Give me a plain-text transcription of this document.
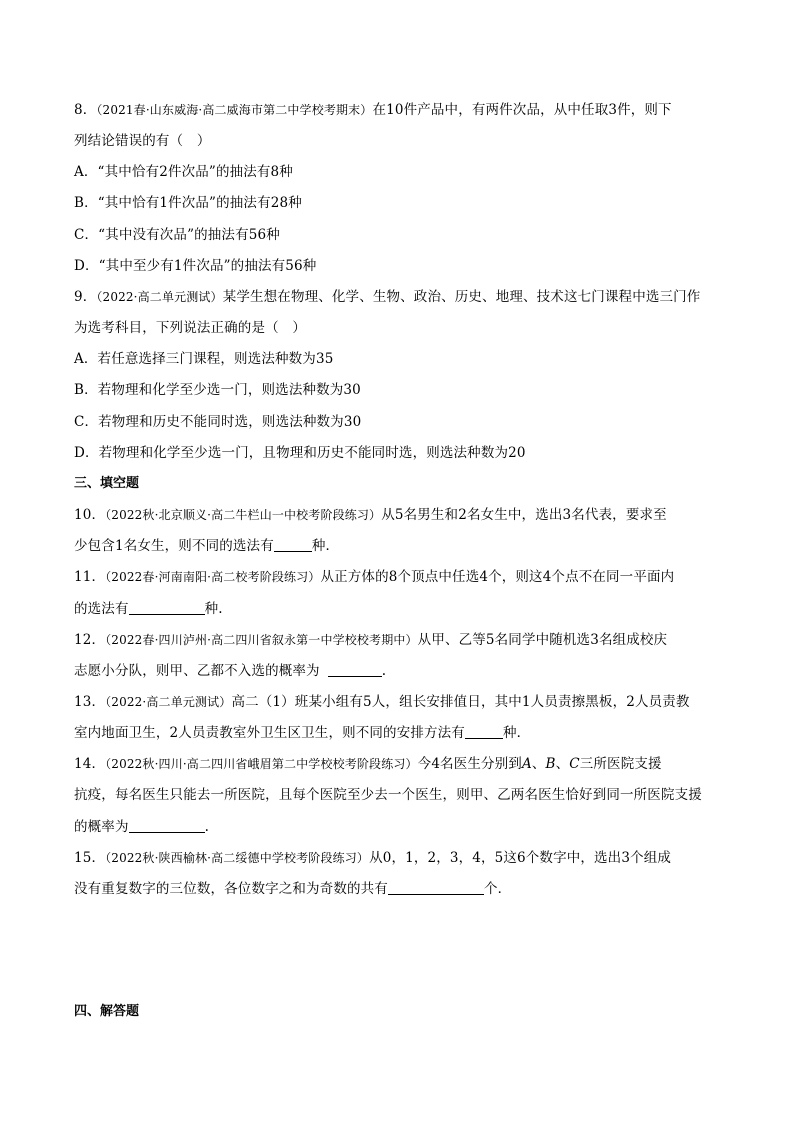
8．（2021春·山东威海·高二威海市第二中学校考期末）在10件产品中，有两件次品，从中任取3件，则下
列结论错误的有（　）
A．“其中恰有2件次品”的抽法有8种
B．“其中恰有1件次品”的抽法有28种
C．“其中没有次品”的抽法有56种
D．“其中至少有1件次品”的抽法有56种
9．（2022·高二单元测试）某学生想在物理、化学、生物、政治、历史、地理、技术这七门课程中选三门作
为选考科目，下列说法正确的是（　）
A．若任意选择三门课程，则选法种数为35
B．若物理和化学至少选一门，则选法种数为30
C．若物理和历史不能同时选，则选法种数为30
D．若物理和化学至少选一门，且物理和历史不能同时选，则选法种数为20
三、填空题
10．（2022秋·北京顺义·高二牛栏山一中校考阶段练习）从5名男生和2名女生中，选出3名代表，要求至
少包含1名女生，则不同的选法有	种．
11．（2022春·河南南阳·高二校考阶段练习）从正方体的8个顶点中任选4个，则这4个点不在同一平面内
的选法有	种.
12．（2022春·四川泸州·高二四川省叙永第一中学校校考期中）从甲、乙等5名同学中随机选3名组成校庆
志愿小分队，则甲、乙都不入选的概率为	.
13．（2022·高二单元测试）高二（1）班某小组有5人，组长安排值日，其中1人员责擦黑板，2人员责教
室内地面卫生，2人员责教室外卫生区卫生，则不同的安排方法有	种．
14．（2022秋·四川·高二四川省峨眉第二中学校校考阶段练习）今4名医生分别到A、B、C三所医院支援
抗疫，每名医生只能去一所医院，且每个医院至少去一个医生，则甲、乙两名医生恰好到同一所医院支援
的概率为	.
15．（2022秋·陕西榆林·高二绥德中学校考阶段练习）从0，1，2，3，4，5这6个数字中，选出3个组成
没有重复数字的三位数，各位数字之和为奇数的共有	个．
四、解答题
